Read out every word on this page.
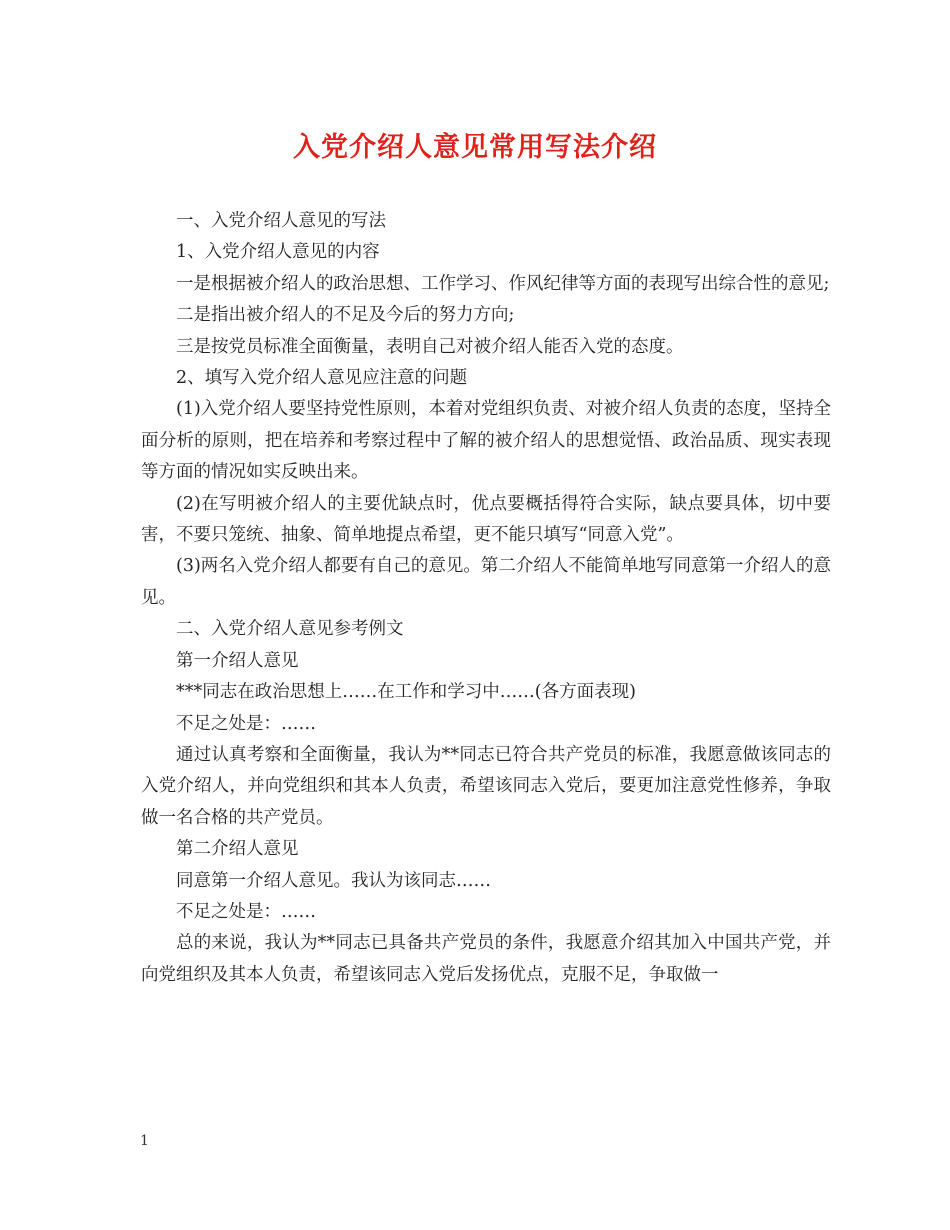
入党介绍人意见常用写法介绍

一、入党介绍人意见的写法

1、入党介绍人意见的内容

一是根据被介绍人的政治思想、工作学习、作风纪律等方面的表现写出综合性的意见;

二是指出被介绍人的不足及今后的努力方向;

三是按党员标准全面衡量，表明自己对被介绍人能否入党的态度。

2、填写入党介绍人意见应注意的问题

(1)入党介绍人要坚持党性原则，本着对党组织负责、对被介绍人负责的态度，坚持全面分析的原则，把在培养和考察过程中了解的被介绍人的思想觉悟、政治品质、现实表现等方面的情况如实反映出来。

(2)在写明被介绍人的主要优缺点时，优点要概括得符合实际，缺点要具体，切中要害，不要只笼统、抽象、简单地提点希望，更不能只填写“同意入党”。

(3)两名入党介绍人都要有自己的意见。第二介绍人不能简单地写同意第一介绍人的意见。

二、入党介绍人意见参考例文

第一介绍人意见

***同志在政治思想上……在工作和学习中……(各方面表现)

不足之处是：……

通过认真考察和全面衡量，我认为**同志已符合共产党员的标准，我愿意做该同志的入党介绍人，并向党组织和其本人负责，希望该同志入党后，要更加注意党性修养，争取做一名合格的共产党员。

第二介绍人意见

同意第一介绍人意见。我认为该同志……

不足之处是：……

总的来说，我认为**同志已具备共产党员的条件，我愿意介绍其加入中国共产党，并向党组织及其本人负责，希望该同志入党后发扬优点，克服不足，争取做一

1
